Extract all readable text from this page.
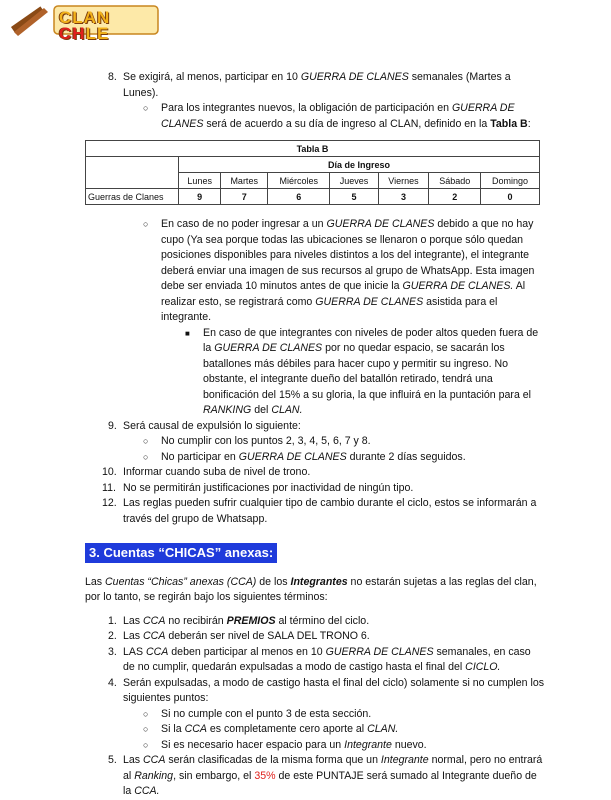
CLAN CHLE
8. Se exigirá, al menos, participar en 10 GUERRA DE CLANES semanales (Martes a Lunes).

○ Para los integrantes nuevos, la obligación de participación en GUERRA DE CLANES será de acuerdo a su día de ingreso al CLAN, definido en la Tabla B:

Tabla B							
	Día de Ingreso						
	Lunes	Martes	Miércoles	Jueves	Viernes	Sábado	Domingo
Guerras de Clanes	9	7	6	5	3	2	0
○ En caso de no poder ingresar a un GUERRA DE CLANES debido a que no hay cupo (Ya sea porque todas las ubicaciones se llenaron o porque sólo quedan posiciones disponibles para niveles distintos a los del integrante), el integrante deberá enviar una imagen de sus recursos al grupo de WhatsApp. Esta imagen debe ser enviada 10 minutos antes de que inicie la GUERRA DE CLANES. Al realizar esto, se registrará como GUERRA DE CLANES asistida para el integrante.

■ En caso de que integrantes con niveles de poder altos queden fuera de la GUERRA DE CLANES por no quedar espacio, se sacarán los batallones más débiles para hacer cupo y permitir su ingreso. No obstante, el integrante dueño del batallón retirado, tendrá una bonificación del 15% a su gloria, la que influirá en la puntación para el RANKING del CLAN.

9. Será causal de expulsión lo siguiente:

○ No cumplir con los puntos 2, 3, 4, 5, 6, 7 y 8.

○ No participar en GUERRA DE CLANES durante 2 días seguidos.

10. Informar cuando suba de nivel de trono.

11. No se permitirán justificaciones por inactividad de ningún tipo.

12. Las reglas pueden sufrir cualquier tipo de cambio durante el ciclo, estos se informarán a través del grupo de Whatsapp.

3. Cuentas “CHICAS” anexas:

Las Cuentas “Chicas” anexas (CCA) de los Integrantes no estarán sujetas a las reglas del clan, por lo tanto, se regirán bajo los siguientes términos:

1. Las CCA no recibirán PREMIOS al término del ciclo.

2. Las CCA deberán ser nivel de SALA DEL TRONO 6.

3. LAS CCA deben participar al menos en 10 GUERRA DE CLANES semanales, en caso de no cumplir, quedarán expulsadas a modo de castigo hasta el final del CICLO.

4. Serán expulsadas, a modo de castigo hasta el final del ciclo) solamente si no cumplen los siguientes puntos:

○ Si no cumple con el punto 3 de esta sección.

○ Si la CCA es completamente cero aporte al CLAN.

○ Si es necesario hacer espacio para un Integrante nuevo.

5. Las CCA serán clasificadas de la misma forma que un Integrante normal, pero no entrará al Ranking, sin embargo, el 35% de este PUNTAJE será sumado al Integrante dueño de la CCA.
